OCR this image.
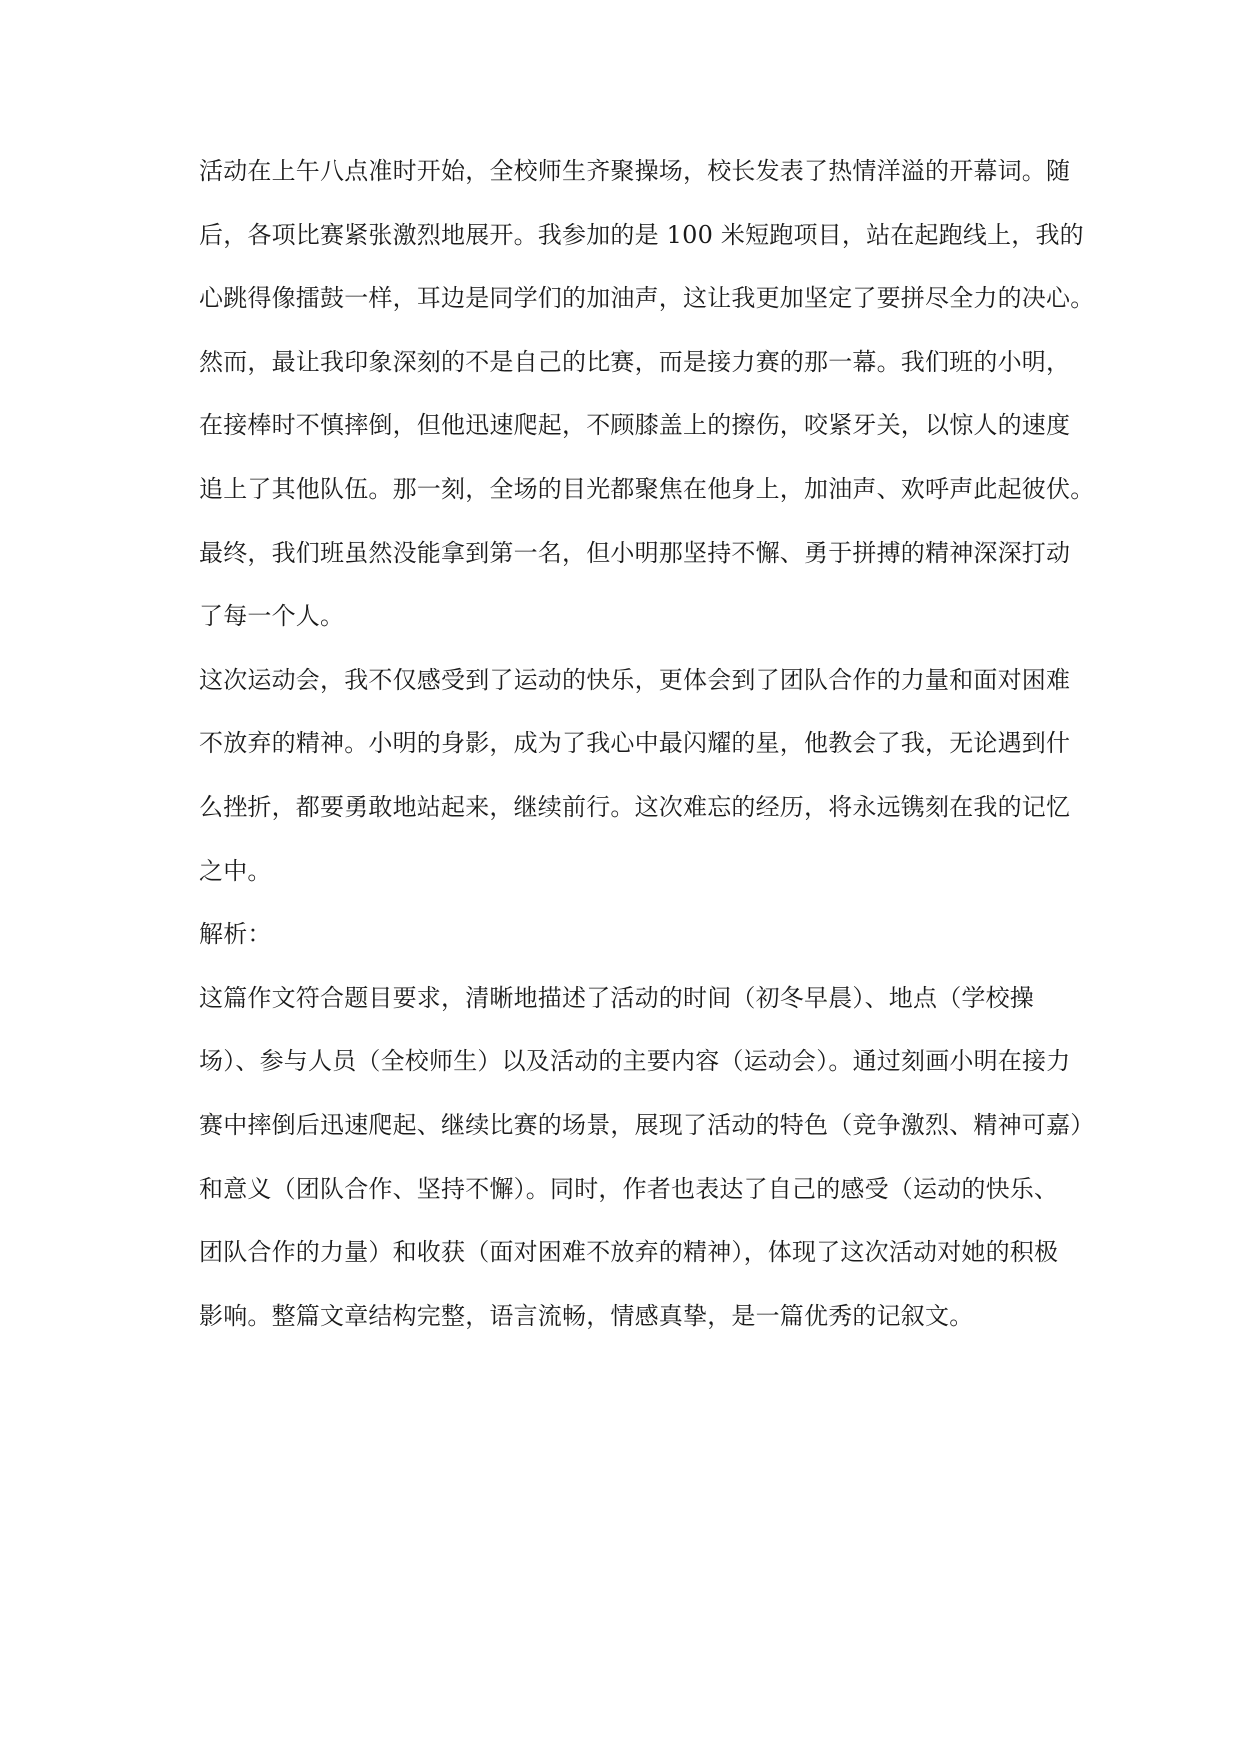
活动在上午八点准时开始，全校师生齐聚操场，校长发表了热情洋溢的开幕词。随
后，各项比赛紧张激烈地展开。我参加的是 100 米短跑项目，站在起跑线上，我的
心跳得像擂鼓一样，耳边是同学们的加油声，这让我更加坚定了要拼尽全力的决心。
然而，最让我印象深刻的不是自己的比赛，而是接力赛的那一幕。我们班的小明，
在接棒时不慎摔倒，但他迅速爬起，不顾膝盖上的擦伤，咬紧牙关，以惊人的速度
追上了其他队伍。那一刻，全场的目光都聚焦在他身上，加油声、欢呼声此起彼伏。
最终，我们班虽然没能拿到第一名，但小明那坚持不懈、勇于拼搏的精神深深打动
了每一个人。
这次运动会，我不仅感受到了运动的快乐，更体会到了团队合作的力量和面对困难
不放弃的精神。小明的身影，成为了我心中最闪耀的星，他教会了我，无论遇到什
么挫折，都要勇敢地站起来，继续前行。这次难忘的经历，将永远镌刻在我的记忆
之中。
解析：
这篇作文符合题目要求，清晰地描述了活动的时间（初冬早晨）、地点（学校操
场）、参与人员（全校师生）以及活动的主要内容（运动会）。通过刻画小明在接力
赛中摔倒后迅速爬起、继续比赛的场景，展现了活动的特色（竞争激烈、精神可嘉）
和意义（团队合作、坚持不懈）。同时，作者也表达了自己的感受（运动的快乐、
团队合作的力量）和收获（面对困难不放弃的精神），体现了这次活动对她的积极
影响。整篇文章结构完整，语言流畅，情感真挚，是一篇优秀的记叙文。
